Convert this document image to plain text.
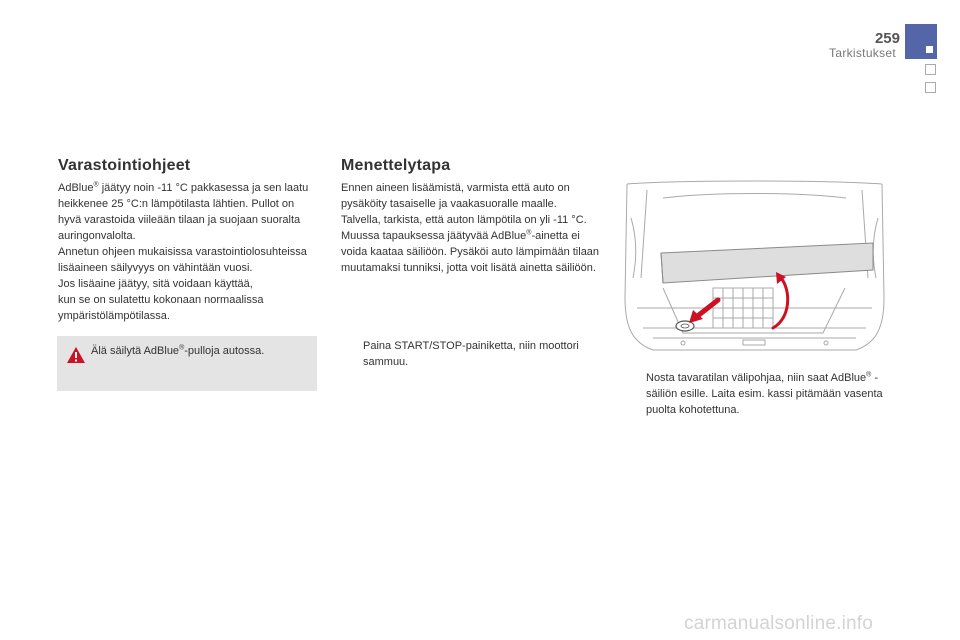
259
Tarkistukset
Varastointiohjeet

AdBlue® jäätyy noin -11 °C pakkasessa ja sen laatu heikkenee 25 °C:n lämpötilasta lähtien. Pullot on hyvä varastoida viileään tilaan ja suojaan suoralta auringonvalolta.

Annetun ohjeen mukaisissa varastointiolosuhteissa lisäaineen säilyvyys on vähintään vuosi.

Jos lisäaine jäätyy, sitä voidaan käyttää,
kun se on sulatettu kokonaan normaalissa ympäristölämpötilassa.

Älä säilytä AdBlue®-pulloja autossa.
Menettelytapa

Ennen aineen lisäämistä, varmista että auto on pysäköity tasaiselle ja vaakasuoralle maalle.

Talvella, tarkista, että auton lämpötila on yli -11 °C. Muussa tapauksessa jäätyvää AdBlue®-ainetta ei voida kaataa säiliöön. Pysäköi auto lämpimään tilaan muutamaksi tunniksi, jotta voit lisätä ainetta säiliöön.

Paina START/STOP-painiketta, niin moottori sammuu.
Nosta tavaratilan välipohjaa, niin saat AdBlue® -säiliön esille. Laita esim. kassi pitämään vasenta puolta kohotettuna.
carmanualsonline.info
